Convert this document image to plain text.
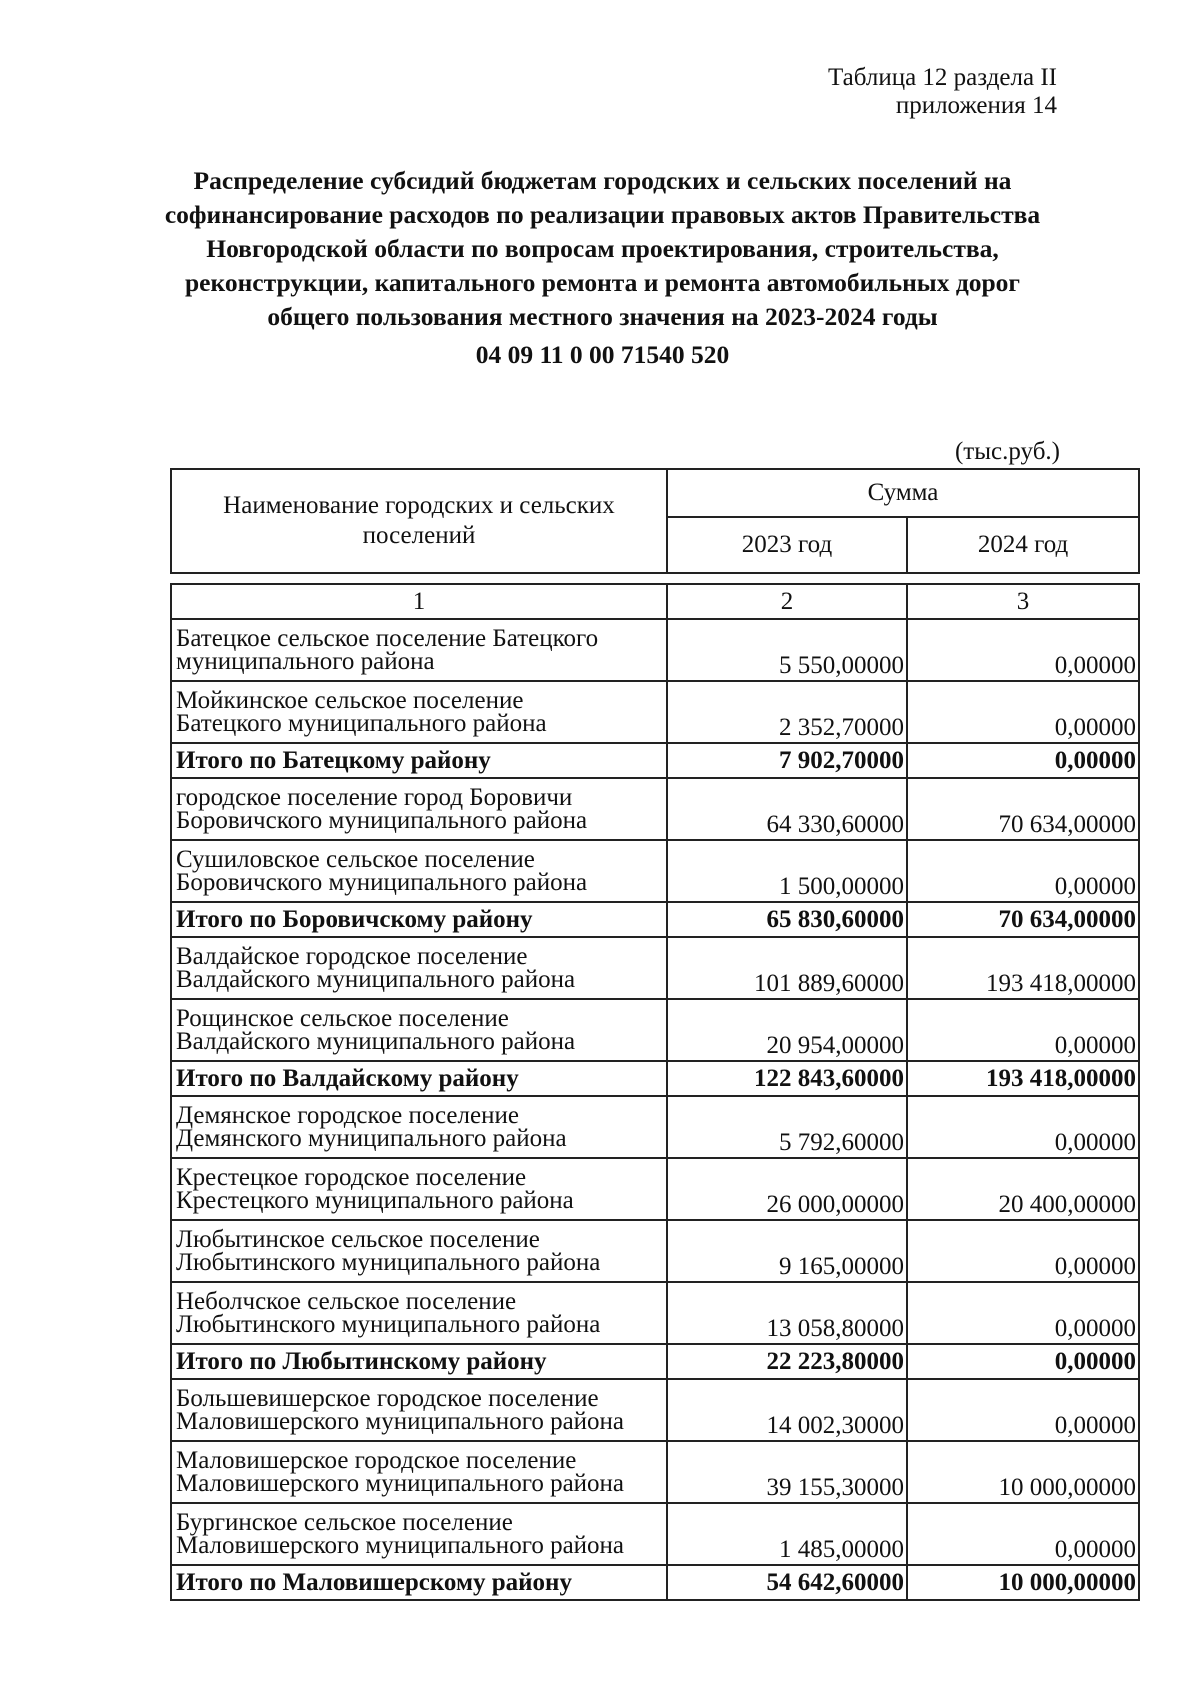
Таблица 12 раздела II
приложения 14
Распределение субсидий бюджетам городских и сельских поселений на
софинансирование расходов по реализации правовых актов Правительства
Новгородской области по вопросам проектирования, строительства,
реконструкции, капитального ремонта и ремонта автомобильных дорог
общего пользования местного значения на 2023-2024 годы
04 09 11 0 00 71540 520
(тыс.руб.)
Наименование городских и сельских
поселений	Сумма	
	2023 год	2024 год
1	2	3

Батецкое сельское поселение Батецкого
муниципального района	5 550,00000	0,00000

Мойкинское сельское поселение
Батецкого муниципального района	2 352,70000	0,00000

Итого по Батецкому району	7 902,70000	0,00000

городское поселение город Боровичи
Боровичского муниципального района	64 330,60000	70 634,00000

Сушиловское сельское поселение
Боровичского муниципального района	1 500,00000	0,00000

Итого по Боровичскому району	65 830,60000	70 634,00000

Валдайское городское поселение
Валдайского муниципального района	101 889,60000	193 418,00000

Рощинское сельское поселение
Валдайского муниципального района	20 954,00000	0,00000

Итого по Валдайскому району	122 843,60000	193 418,00000

Демянское городское поселение
Демянского муниципального района	5 792,60000	0,00000

Крестецкое городское поселение
Крестецкого муниципального района	26 000,00000	20 400,00000

Любытинское сельское поселение
Любытинского муниципального района	9 165,00000	0,00000

Неболчское сельское поселение
Любытинского муниципального района	13 058,80000	0,00000

Итого по Любытинскому району	22 223,80000	0,00000

Большевишерское городское поселение
Маловишерского муниципального района	14 002,30000	0,00000

Маловишерское городское поселение
Маловишерского муниципального района	39 155,30000	10 000,00000

Бургинское сельское поселение
Маловишерского муниципального района	1 485,00000	0,00000

Итого по Маловишерскому району	54 642,60000	10 000,00000
